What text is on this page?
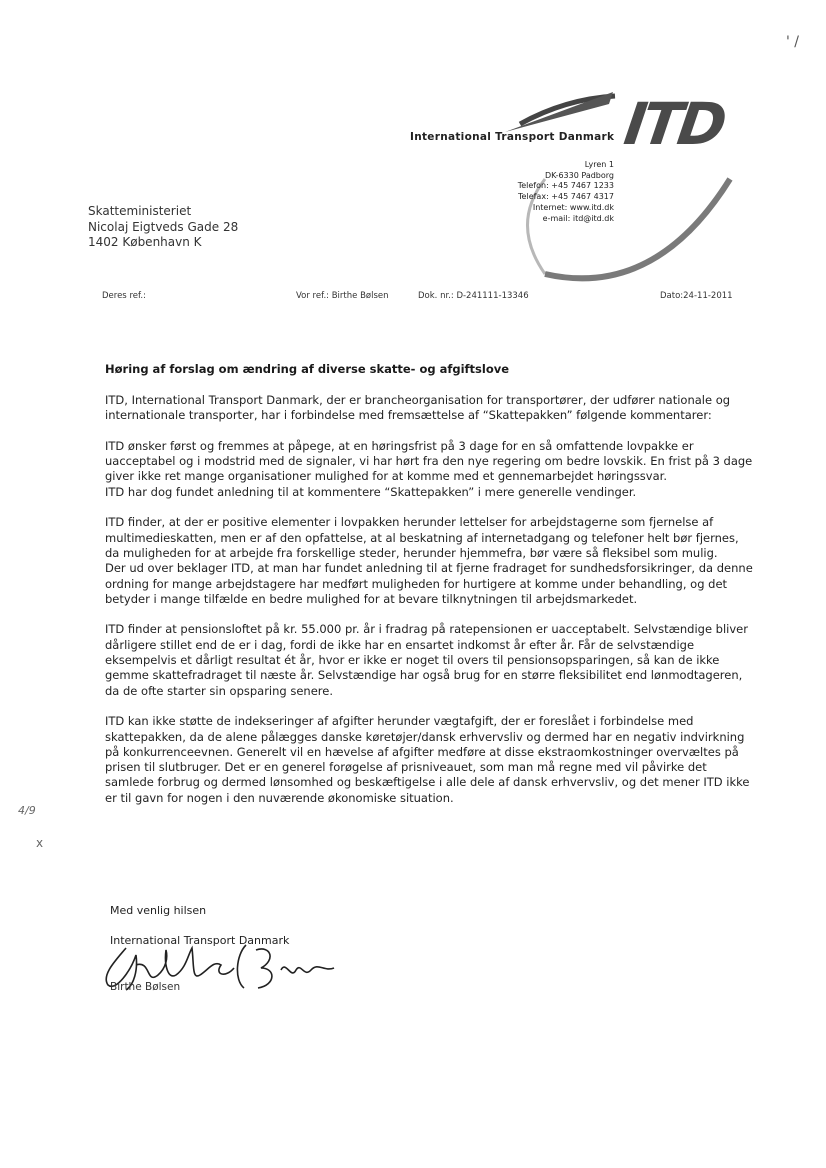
' /
ITD
International Transport Danmark
Lyren 1
DK-6330 Padborg
Telefon: +45 7467 1233
Telefax: +45 7467 4317
Internet: www.itd.dk
e-mail: itd@itd.dk
Skatteministeriet
Nicolaj Eigtveds Gade 28
1402 København K
Deres ref.:	Vor ref.: Birthe Bølsen	Dok. nr.: D-241111-13346	Dato:24-11-2011
Høring af forslag om ændring af diverse skatte- og afgiftslove

ITD, International Transport Danmark, der er brancheorganisation for transportører, der udfører nationale og internationale transporter, har i forbindelse med fremsættelse af “Skattepakken” følgende kommentarer:

ITD ønsker først og fremmes at påpege, at en høringsfrist på 3 dage for en så omfattende lovpakke er uacceptabel og i modstrid med de signaler, vi har hørt fra den nye regering om bedre lovskik. En frist på 3 dage giver ikke ret mange organisationer mulighed for at komme med et gennemarbejdet høringssvar.
ITD har dog fundet anledning til at kommentere “Skattepakken” i mere generelle vendinger.

ITD finder, at der er positive elementer i lovpakken herunder lettelser for arbejdstagerne som fjernelse af multimedieskatten, men er af den opfattelse, at al beskatning af internetadgang og telefoner helt bør fjernes, da muligheden for at arbejde fra forskellige steder, herunder hjemmefra, bør være så fleksibel som mulig.
Der ud over beklager ITD, at man har fundet anledning til at fjerne fradraget for sundhedsforsikringer, da denne ordning for mange arbejdstagere har medført muligheden for hurtigere at komme under behandling, og det betyder i mange tilfælde en bedre mulighed for at bevare tilknytningen til arbejdsmarkedet.

ITD finder at pensionsloftet på kr. 55.000 pr. år i fradrag på ratepensionen er uacceptabelt. Selvstændige bliver dårligere stillet end de er i dag, fordi de ikke har en ensartet indkomst år efter år. Får de selvstændige eksempelvis et dårligt resultat ét år, hvor er ikke er noget til overs til pensionsopsparingen, så kan de ikke gemme skattefradraget til næste år. Selvstændige har også brug for en større fleksibilitet end lønmodtageren, da de ofte starter sin opsparing senere.

ITD kan ikke støtte de indekseringer af afgifter herunder vægtafgift, der er foreslået i forbindelse med skattepakken, da de alene pålægges danske køretøjer/dansk erhvervsliv og dermed har en negativ indvirkning på konkurrenceevnen. Generelt vil en hævelse af afgifter medføre at disse ekstraomkostninger overvæltes på prisen til slutbruger. Det er en generel forøgelse af prisniveauet, som man må regne med vil påvirke det samlede forbrug og dermed lønsomhed og beskæftigelse i alle dele af dansk erhvervsliv, og det mener ITD ikke er til gavn for nogen i den nuværende økonomiske situation.

Med venlig hilsen
International Transport Danmark
Birthe Bølsen
4/9
x
